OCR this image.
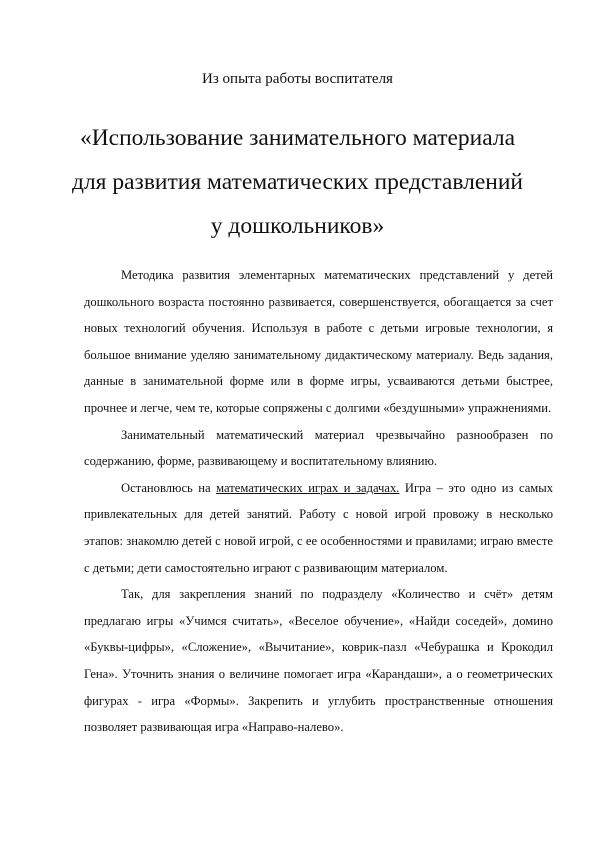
Из опыта работы воспитателя
«Использование занимательного материала
для развития математических представлений
у дошкольников»

Методика развития элементарных математических представлений у детей дошкольного возраста постоянно развивается, совершенствуется, обогащается за счет новых технологий обучения. Используя в работе с детьми игровые технологии, я большое внимание уделяю занимательному дидактическому материалу. Ведь задания, данные в занимательной форме или в форме игры, усваиваются детьми быстрее, прочнее и легче, чем те, которые сопряжены с долгими «бездушными» упражнениями.

Занимательный математический материал чрезвычайно разнообразен по содержанию, форме, развивающему и воспитательному влиянию.

Остановлюсь на математических играх и задачах. Игра – это одно из самых привлекательных для детей занятий. Работу с новой игрой провожу в несколько этапов: знакомлю детей с новой игрой, с ее особенностями и правилами; играю вместе с детьми; дети самостоятельно играют с развивающим материалом.

Так, для закрепления знаний по подразделу «Количество и счёт» детям предлагаю игры «Учимся считать», «Веселое обучение», «Найди соседей», домино «Буквы-цифры», «Сложение», «Вычитание», коврик-пазл «Чебурашка и Крокодил Гена». Уточнить знания о величине помогает игра «Карандаши», а о геометрических фигурах - игра «Формы». Закрепить и углубить пространственные отношения позволяет развивающая игра «Направо-налево».
